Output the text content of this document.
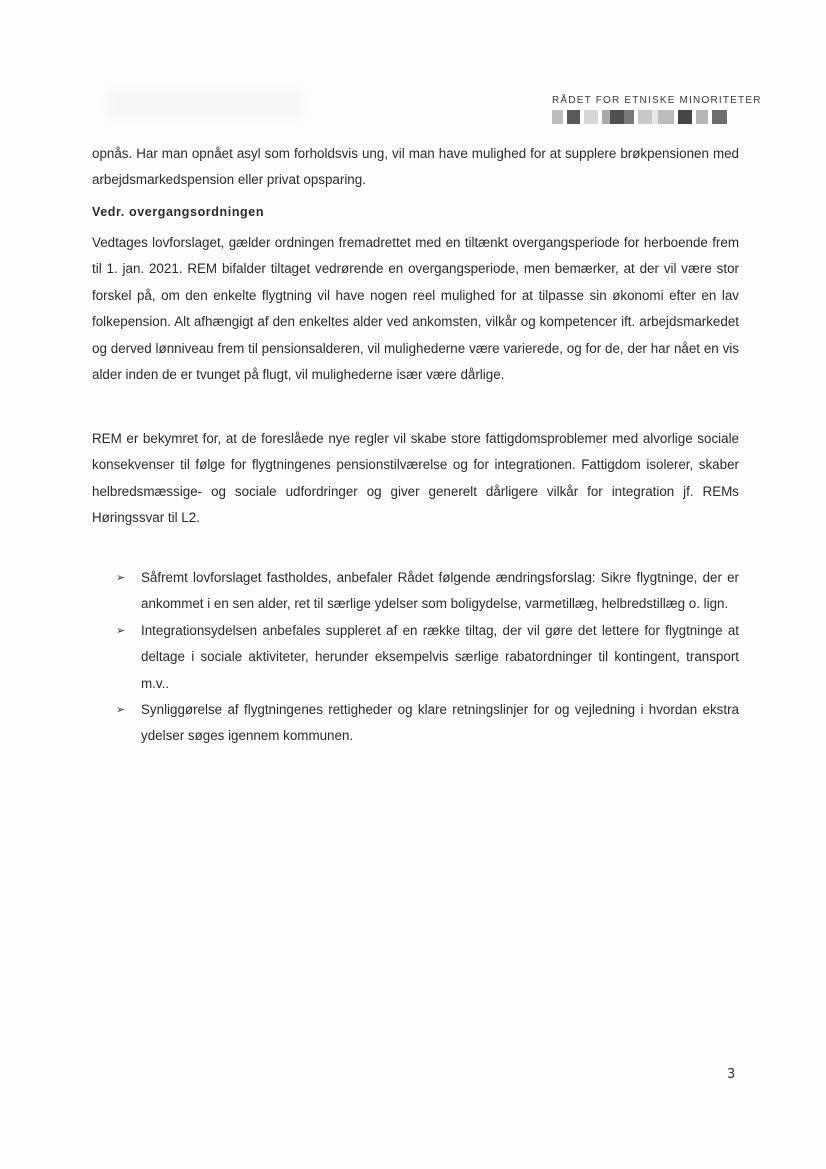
RÅDET FOR ETNISKE MINORITETER

opnås. Har man opnået asyl som forholdsvis ung, vil man have mulighed for at supplere brøkpensionen med arbejdsmarkedspension eller privat opsparing.

Vedr. overgangsordningen

Vedtages lovforslaget, gælder ordningen fremadrettet med en tiltænkt overgangsperiode for herboende frem til 1. jan. 2021. REM bifalder tiltaget vedrørende en overgangsperiode, men bemærker, at der vil være stor forskel på, om den enkelte flygtning vil have nogen reel mulighed for at tilpasse sin økonomi efter en lav folkepension. Alt afhængigt af den enkeltes alder ved ankomsten, vilkår og kompetencer ift. arbejdsmarkedet og derved lønniveau frem til pensionsalderen, vil mulighederne være varierede, og for de, der har nået en vis alder inden de er tvunget på flugt, vil mulighederne især være dårlige.

REM er bekymret for, at de foreslåede nye regler vil skabe store fattigdomsproblemer med alvorlige sociale konsekvenser til følge for flygtningenes pensionstilværelse og for integrationen. Fattigdom isolerer, skaber helbredsmæssige- og sociale udfordringer og giver generelt dårligere vilkår for integration jf. REMs Høringssvar til L2.

➢	Såfremt lovforslaget fastholdes, anbefaler Rådet følgende ændringsforslag: Sikre flygtninge, der er ankommet i en sen alder, ret til særlige ydelser som boligydelse, varmetillæg, helbredstillæg o. lign.
➢	Integrationsydelsen anbefales suppleret af en række tiltag, der vil gøre det lettere for flygtninge at deltage i sociale aktiviteter, herunder eksempelvis særlige rabatordninger til kontingent, transport m.v..
➢	Synliggørelse af flygtningenes rettigheder og klare retningslinjer for og vejledning i hvordan ekstra ydelser søges igennem kommunen.
3
